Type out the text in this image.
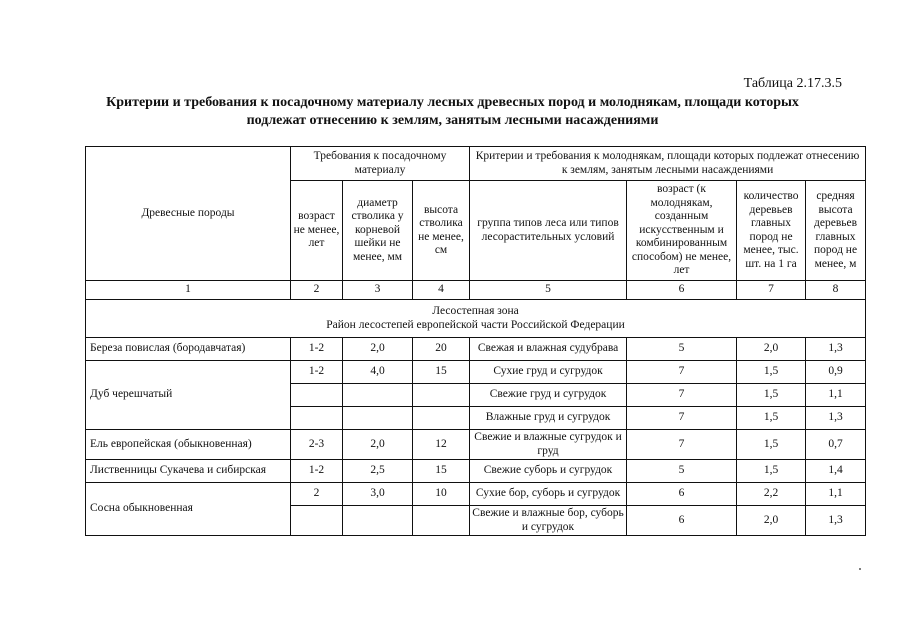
Таблица 2.17.3.5
Критерии и требования к посадочному материалу лесных древесных пород и молоднякам, площади которых подлежат отнесению к землям, занятым лесными насаждениями
Древесные породы	Требования к посадочному материалу			Критерии и требования к молоднякам, площади которых подлежат отнесению к землям, занятым лесными насаждениями			
	возраст не менее, лет	диаметр стволика у корневой шейки не менее, мм	высота стволика не менее, см	группа типов леса или типов лесорастительных условий	возраст (к молоднякам, созданным искусственным и комбинированным способом) не менее, лет	количество деревьев главных пород не менее, тыс. шт. на 1 га	средняя высота деревьев главных пород не менее, м
1	2	3	4	5	6	7	8

Лесостепная зона
Район лесостепей европейской части Российской Федерации							

Береза повислая (бородавчатая)	1-2	2,0	20	Свежая и влажная судубрава	5	2,0	1,3
Дуб черешчатый	1-2	4,0	15	Сухие груд и сугрудок	7	1,5	0,9
				Свежие груд и сугрудок	7	1,5	1,1
				Влажные груд и сугрудок	7	1,5	1,3
Ель европейская (обыкновенная)	2-3	2,0	12	Свежие и влажные сугрудок и груд	7	1,5	0,7
Лиственницы Сукачева и сибирская	1-2	2,5	15	Свежие суборь и сугрудок	5	1,5	1,4
Сосна обыкновенная	2	3,0	10	Сухие бор, суборь и сугрудок	6	2,2	1,1
				Свежие и влажные бор, суборь и сугрудок	6	2,0	1,3
